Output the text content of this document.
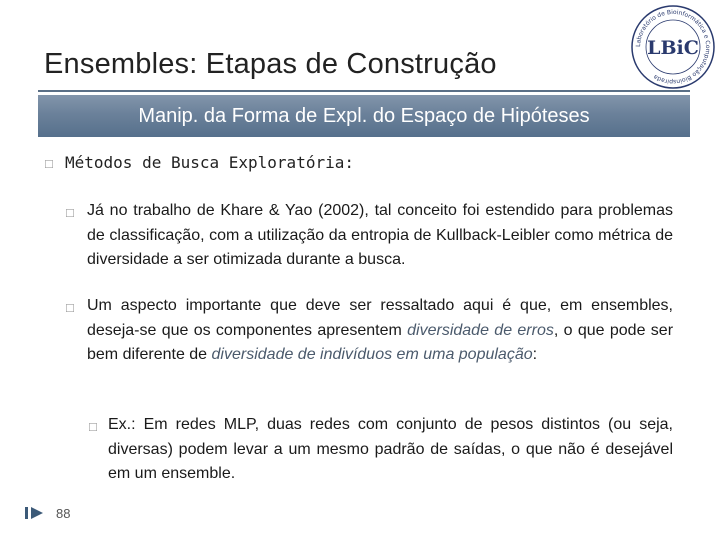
Ensembles: Etapas de Construção
Laboratório de Bioinformática e Computação Bioinspirada
LBiC
Manip. da Forma de Expl. do Espaço de Hipóteses
□ Métodos de Busca Exploratória:
□ Já no trabalho de Khare & Yao (2002), tal conceito foi estendido para problemas de classificação, com a utilização da entropia de Kullback-Leibler como métrica de diversidade a ser otimizada durante a busca.
□ Um aspecto importante que deve ser ressaltado aqui é que, em ensembles, deseja-se que os componentes apresentem diversidade de erros, o que pode ser bem diferente de diversidade de indivíduos em uma população:
□ Ex.: Em redes MLP, duas redes com conjunto de pesos distintos (ou seja, diversas) podem levar a um mesmo padrão de saídas, o que não é desejável em um ensemble.
88
